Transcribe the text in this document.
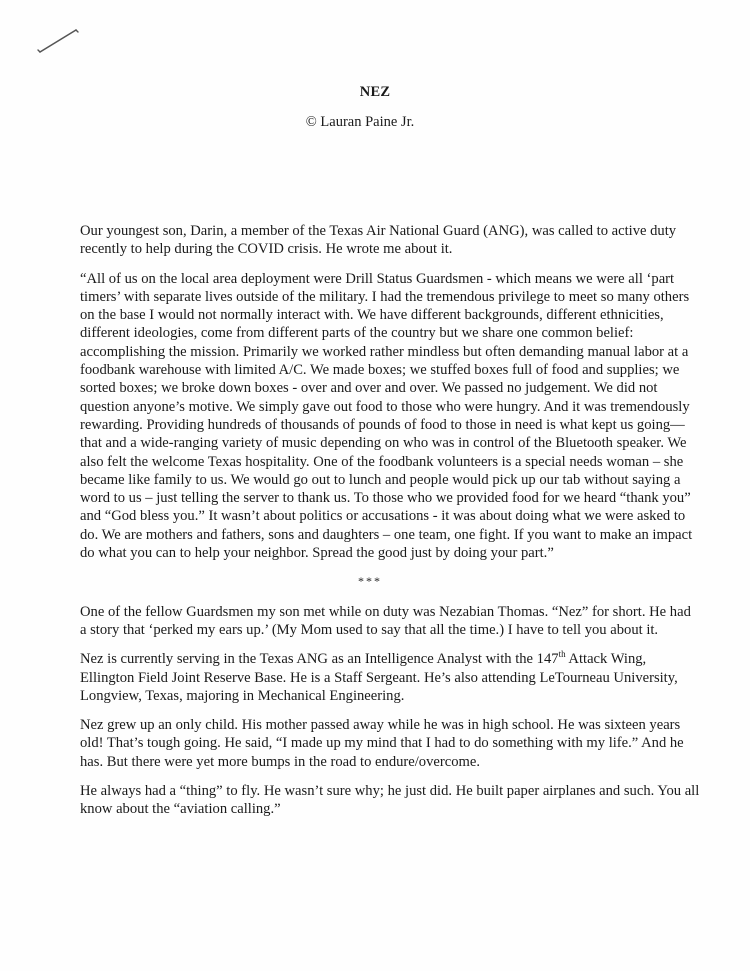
NEZ
© Lauran Paine Jr.

Our youngest son, Darin, a member of the Texas Air National Guard (ANG), was called to active duty recently to help during the COVID crisis. He wrote me about it.

“All of us on the local area deployment were Drill Status Guardsmen - which means we were all ‘part timers’ with separate lives outside of the military. I had the tremendous privilege to meet so many others on the base I would not normally interact with. We have different backgrounds, different ethnicities, different ideologies, come from different parts of the country but we share one common belief: accomplishing the mission. Primarily we worked rather mindless but often demanding manual labor at a foodbank warehouse with limited A/C. We made boxes; we stuffed boxes full of food and supplies; we sorted boxes; we broke down boxes - over and over and over. We passed no judgement. We did not question anyone’s motive. We simply gave out food to those who were hungry. And it was tremendously rewarding. Providing hundreds of thousands of pounds of food to those in need is what kept us going—that and a wide-ranging variety of music depending on who was in control of the Bluetooth speaker. We also felt the welcome Texas hospitality. One of the foodbank volunteers is a special needs woman – she became like family to us. We would go out to lunch and people would pick up our tab without saying a word to us – just telling the server to thank us. To those who we provided food for we heard “thank you” and “God bless you.” It wasn’t about politics or accusations - it was about doing what we were asked to do. We are mothers and fathers, sons and daughters – one team, one fight. If you want to make an impact do what you can to help your neighbor. Spread the good just by doing your part.”

***

One of the fellow Guardsmen my son met while on duty was Nezabian Thomas. “Nez” for short. He had a story that ‘perked my ears up.’ (My Mom used to say that all the time.) I have to tell you about it.

Nez is currently serving in the Texas ANG as an Intelligence Analyst with the 147th Attack Wing, Ellington Field Joint Reserve Base. He is a Staff Sergeant. He’s also attending LeTourneau University, Longview, Texas, majoring in Mechanical Engineering.

Nez grew up an only child. His mother passed away while he was in high school. He was sixteen years old! That’s tough going. He said, “I made up my mind that I had to do something with my life.” And he has. But there were yet more bumps in the road to endure/overcome.

He always had a “thing” to fly. He wasn’t sure why; he just did. He built paper airplanes and such. You all know about the “aviation calling.”
